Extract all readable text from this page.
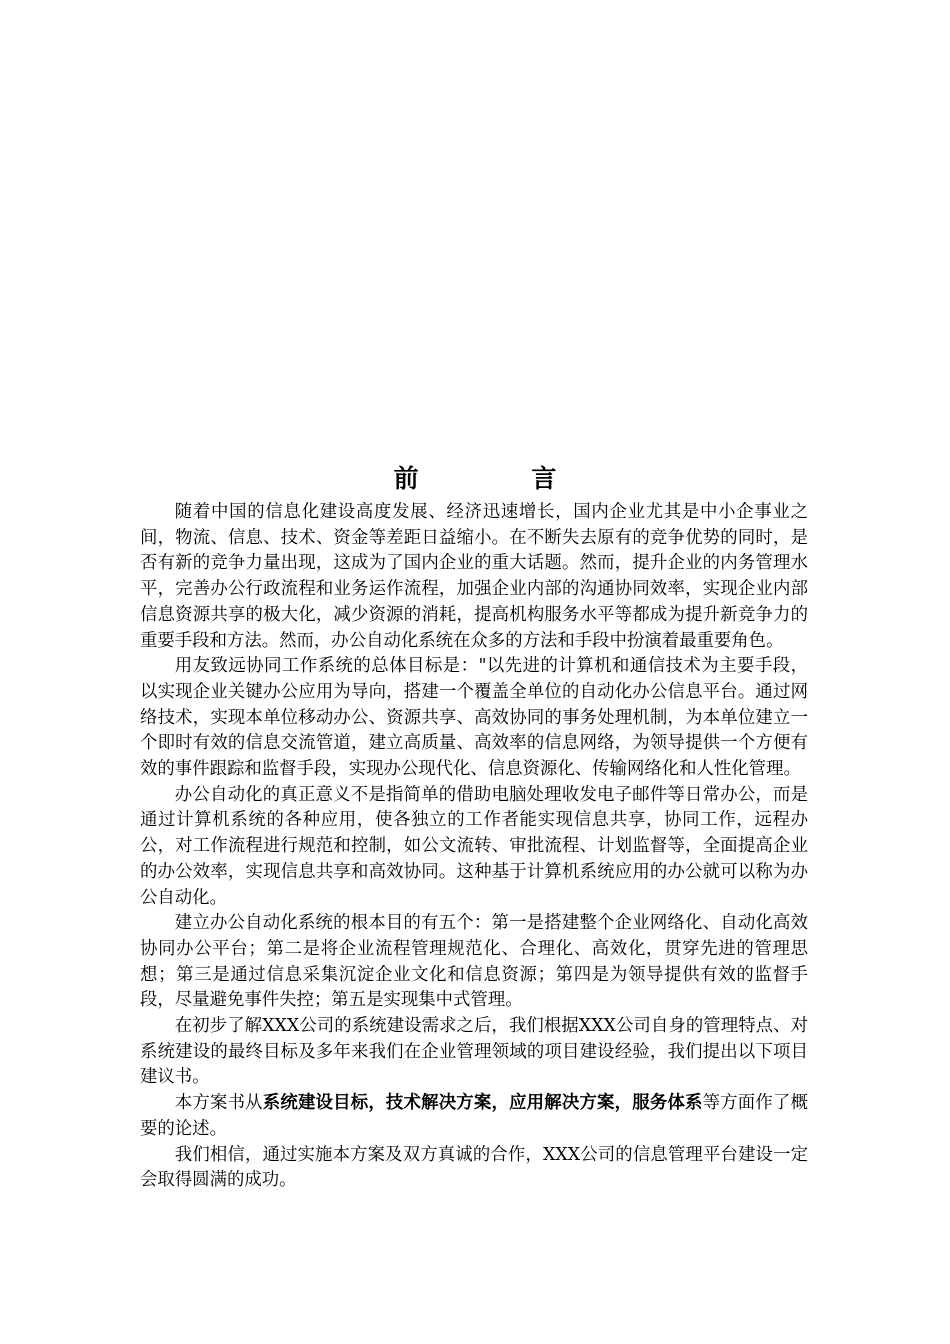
前 言

随着中国的信息化建设高度发展、经济迅速增长，国内企业尤其是中小企事业之间，物流、信息、技术、资金等差距日益缩小。在不断失去原有的竞争优势的同时，是否有新的竞争力量出现，这成为了国内企业的重大话题。然而，提升企业的内务管理水平，完善办公行政流程和业务运作流程，加强企业内部的沟通协同效率，实现企业内部信息资源共享的极大化，减少资源的消耗，提高机构服务水平等都成为提升新竞争力的重要手段和方法。然而，办公自动化系统在众多的方法和手段中扮演着最重要角色。

用友致远协同工作系统的总体目标是："以先进的计算机和通信技术为主要手段，以实现企业关键办公应用为导向，搭建一个覆盖全单位的自动化办公信息平台。通过网络技术，实现本单位移动办公、资源共享、高效协同的事务处理机制，为本单位建立一个即时有效的信息交流管道，建立高质量、高效率的信息网络，为领导提供一个方便有效的事件跟踪和监督手段，实现办公现代化、信息资源化、传输网络化和人性化管理。

办公自动化的真正意义不是指简单的借助电脑处理收发电子邮件等日常办公，而是通过计算机系统的各种应用，使各独立的工作者能实现信息共享，协同工作，远程办公，对工作流程进行规范和控制，如公文流转、审批流程、计划监督等，全面提高企业的办公效率，实现信息共享和高效协同。这种基于计算机系统应用的办公就可以称为办公自动化。

建立办公自动化系统的根本目的有五个：第一是搭建整个企业网络化、自动化高效协同办公平台；第二是将企业流程管理规范化、合理化、高效化，贯穿先进的管理思想；第三是通过信息采集沉淀企业文化和信息资源；第四是为领导提供有效的监督手段，尽量避免事件失控；第五是实现集中式管理。

在初步了解XXX公司的系统建设需求之后，我们根据XXX公司自身的管理特点、对系统建设的最终目标及多年来我们在企业管理领域的项目建设经验，我们提出以下项目建议书。

本方案书从系统建设目标，技术解决方案，应用解决方案，服务体系等方面作了概要的论述。

我们相信，通过实施本方案及双方真诚的合作，XXX公司的信息管理平台建设一定会取得圆满的成功。
